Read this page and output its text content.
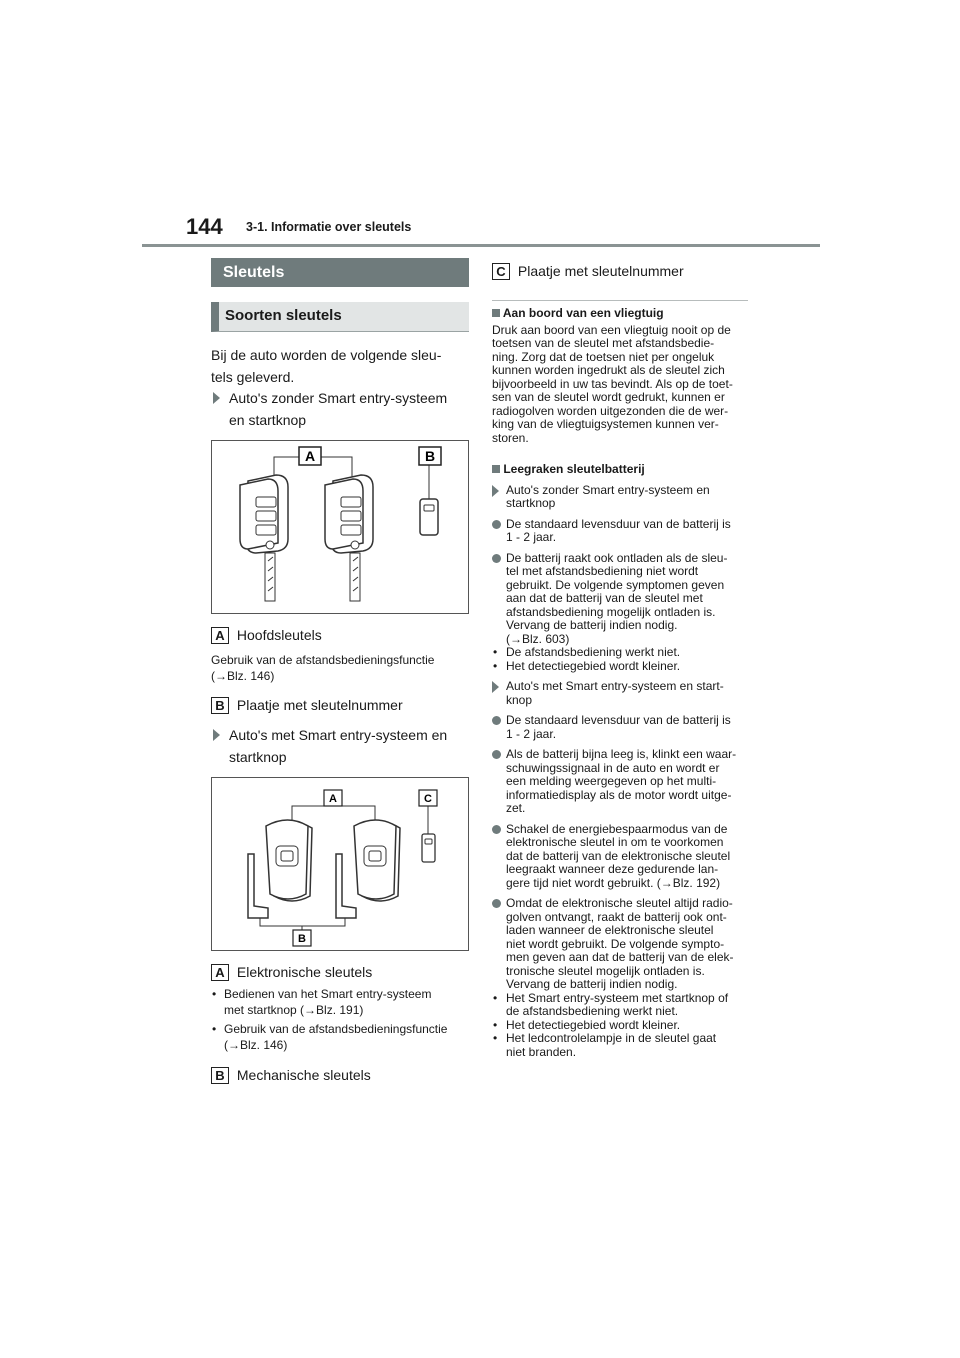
144 3-1. Informatie over sleutels
Sleutels
Soorten sleutels
Bij de auto worden de volgende sleu-
tels geleverd.
Auto's zonder Smart entry-systeem
en startknop
A	B
A Hoofdsleutels
Gebruik van de afstandsbedieningsfunctie
(→Blz. 146)
B Plaatje met sleutelnummer
Auto's met Smart entry-systeem en
startknop
A
B
C
A Elektronische sleutels
• Bedienen van het Smart entry-systeem
met startknop (→Blz. 191)
• Gebruik van de afstandsbedieningsfunctie
(→Blz. 146)
B Mechanische sleutels
C Plaatje met sleutelnummer
Aan boord van een vliegtuig
Druk aan boord van een vliegtuig nooit op de
toetsen van de sleutel met afstandsbedie-
ning. Zorg dat de toetsen niet per ongeluk
kunnen worden ingedrukt als de sleutel zich
bijvoorbeeld in uw tas bevindt. Als op de toet-
sen van de sleutel wordt gedrukt, kunnen er
radiogolven worden uitgezonden die de wer-
king van de vliegtuigsystemen kunnen ver-
storen.
Leegraken sleutelbatterij
Auto's zonder Smart entry-systeem en
startknop
De standaard levensduur van de batterij is
1 - 2 jaar.
De batterij raakt ook ontladen als de sleu-
tel met afstandsbediening niet wordt
gebruikt. De volgende symptomen geven
aan dat de batterij van de sleutel met
afstandsbediening mogelijk ontladen is.
Vervang de batterij indien nodig.
(→Blz. 603)
• De afstandsbediening werkt niet.
• Het detectiegebied wordt kleiner.
Auto's met Smart entry-systeem en start-
knop
De standaard levensduur van de batterij is
1 - 2 jaar.
Als de batterij bijna leeg is, klinkt een waar-
schuwingssignaal in de auto en wordt er
een melding weergegeven op het multi-
informatiedisplay als de motor wordt uitge-
zet.
Schakel de energiebespaarmodus van de
elektronische sleutel in om te voorkomen
dat de batterij van de elektronische sleutel
leegraakt wanneer deze gedurende lan-
gere tijd niet wordt gebruikt. (→Blz. 192)
Omdat de elektronische sleutel altijd radio-
golven ontvangt, raakt de batterij ook ont-
laden wanneer de elektronische sleutel
niet wordt gebruikt. De volgende sympto-
men geven aan dat de batterij van de elek-
tronische sleutel mogelijk ontladen is.
Vervang de batterij indien nodig.
• Het Smart entry-systeem met startknop of
de afstandsbediening werkt niet.
• Het detectiegebied wordt kleiner.
• Het ledcontrolelampje in de sleutel gaat
niet branden.
